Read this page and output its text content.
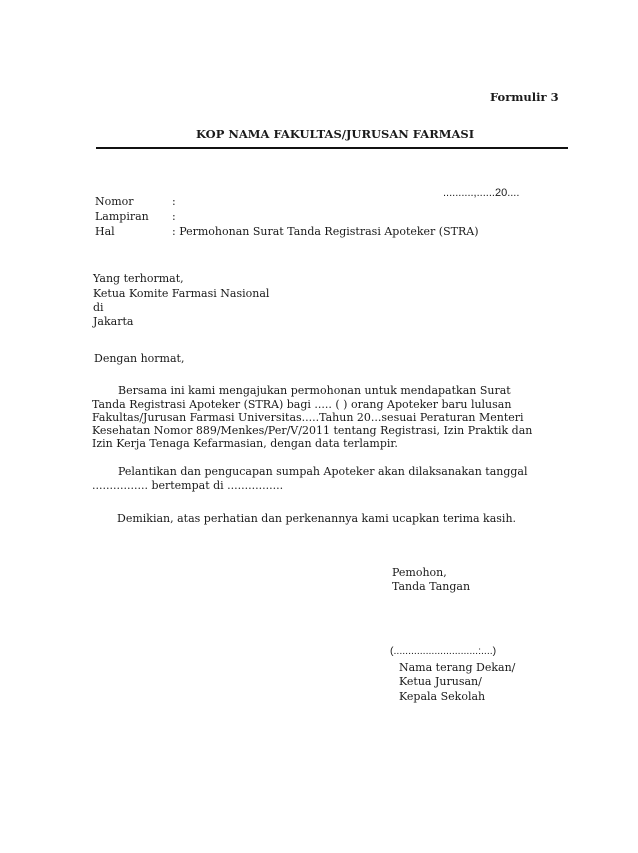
Formulir 3
KOP NAMA FAKULTAS/JURUSAN FARMASI
..........,......20....
Nomor	:
Lampiran :
Hal	: Permohonan Surat Tanda Registrasi Apoteker (STRA)
Yang terhormat,
Ketua Komite Farmasi Nasional
di
Jakarta
Dengan hormat,
Bersama ini kami mengajukan permohonan untuk mendapatkan Surat
Tanda Registrasi Apoteker (STRA) bagi ..... ( ) orang Apoteker baru lulusan
Fakultas/Jurusan Farmasi Universitas.....Tahun 20...sesuai Peraturan Menteri
Kesehatan Nomor 889/Menkes/Per/V/2011 tentang Registrasi, Izin Praktik dan
Izin Kerja Tenaga Kefarmasian, dengan data terlampir.
Pelantikan dan pengucapan sumpah Apoteker akan dilaksanakan tanggal
................ bertempat di ................
Demikian, atas perhatian dan perkenannya kami ucapkan terima kasih.
Pemohon,
Tanda Tangan
(.............................:....)
Nama terang Dekan/
Ketua Jurusan/
Kepala Sekolah
